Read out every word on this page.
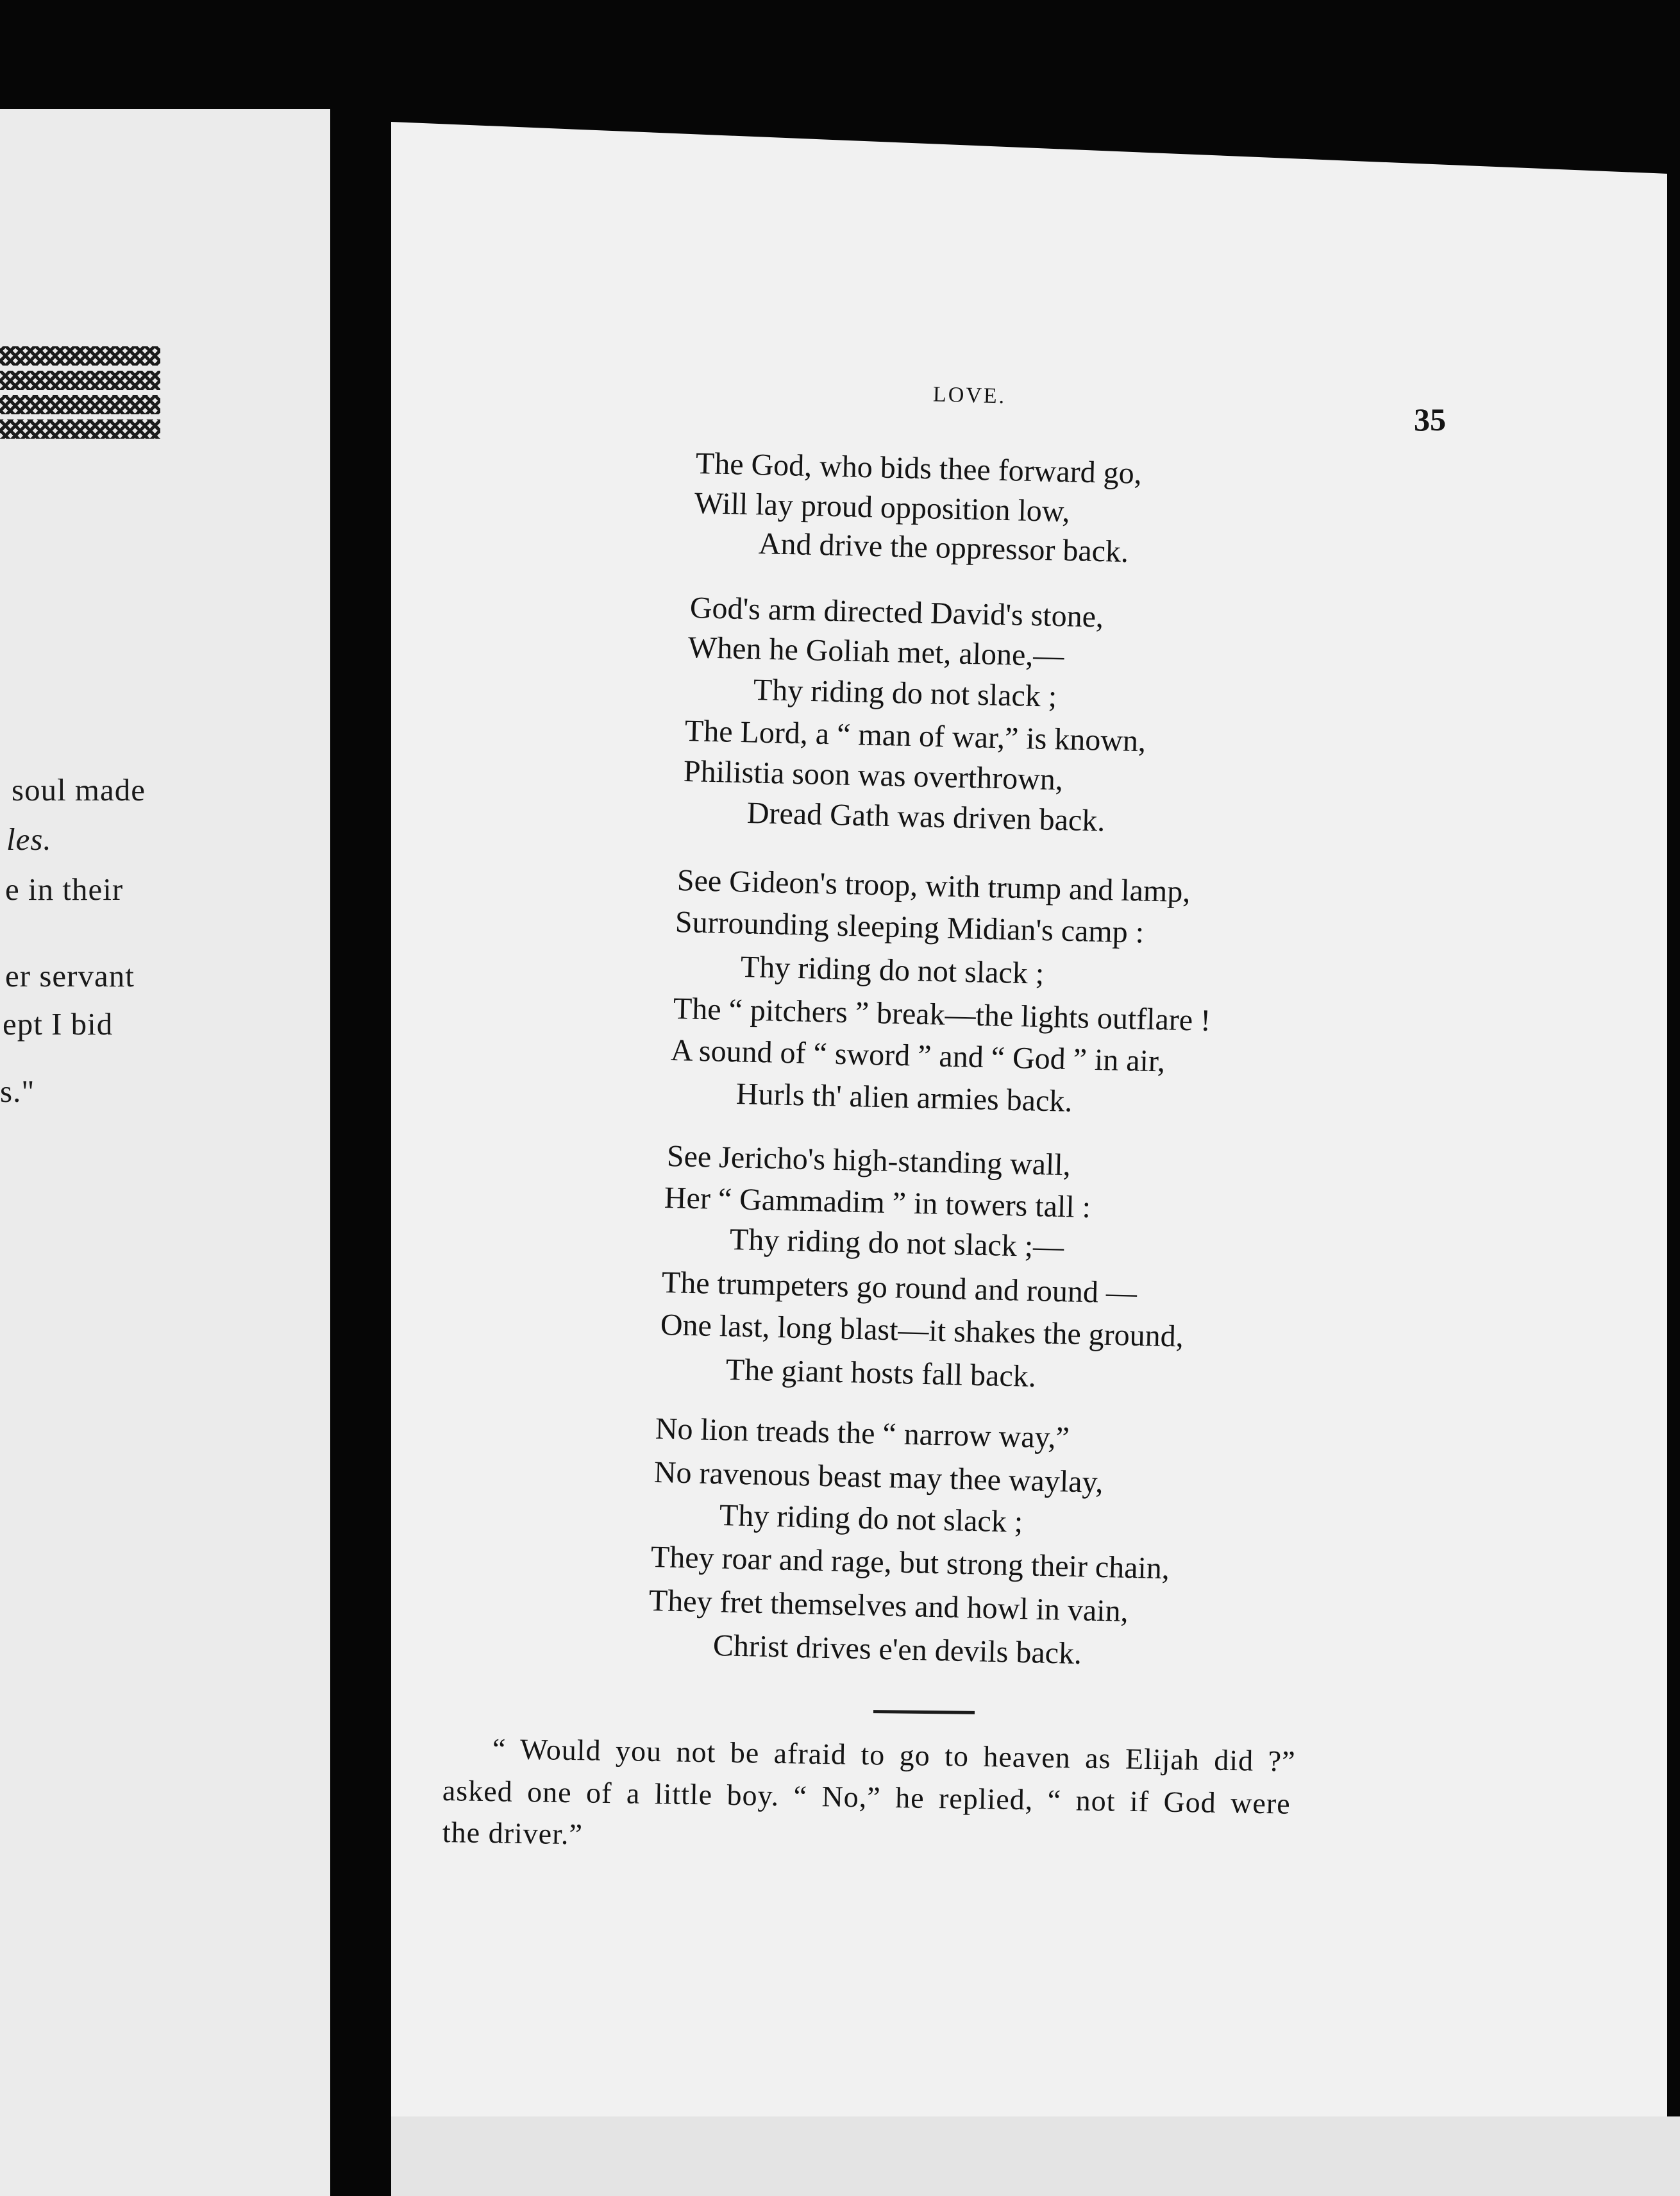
soul made
les.
e in their
er servant
ept I bid
s."
LOVE.
35
The God, who bids thee forward go,
Will lay proud opposition low,
And drive the oppressor back.
God's arm directed David's stone,
When he Goliah met, alone,—
Thy riding do not slack ;
The Lord, a “ man of war,” is known,
Philistia soon was overthrown,
Dread Gath was driven back.
See Gideon's troop, with trump and lamp,
Surrounding sleeping Midian's camp :
Thy riding do not slack ;
The “ pitchers ” break—the lights outflare !
A sound of “ sword ” and “ God ” in air,
Hurls th' alien armies back.
See Jericho's high-standing wall,
Her “ Gammadim ” in towers tall :
Thy riding do not slack ;—
The trumpeters go round and round —
One last, long blast—it shakes the ground,
The giant hosts fall back.
No lion treads the “ narrow way,”
No ravenous beast may thee waylay,
Thy riding do not slack ;
They roar and rage, but strong their chain,
They fret themselves and howl in vain,
Christ drives e'en devils back.
“ Would you not be afraid to go to heaven as Elijah did ?”
asked one of a little boy. “ No,” he replied, “ not if God were
the driver.”
